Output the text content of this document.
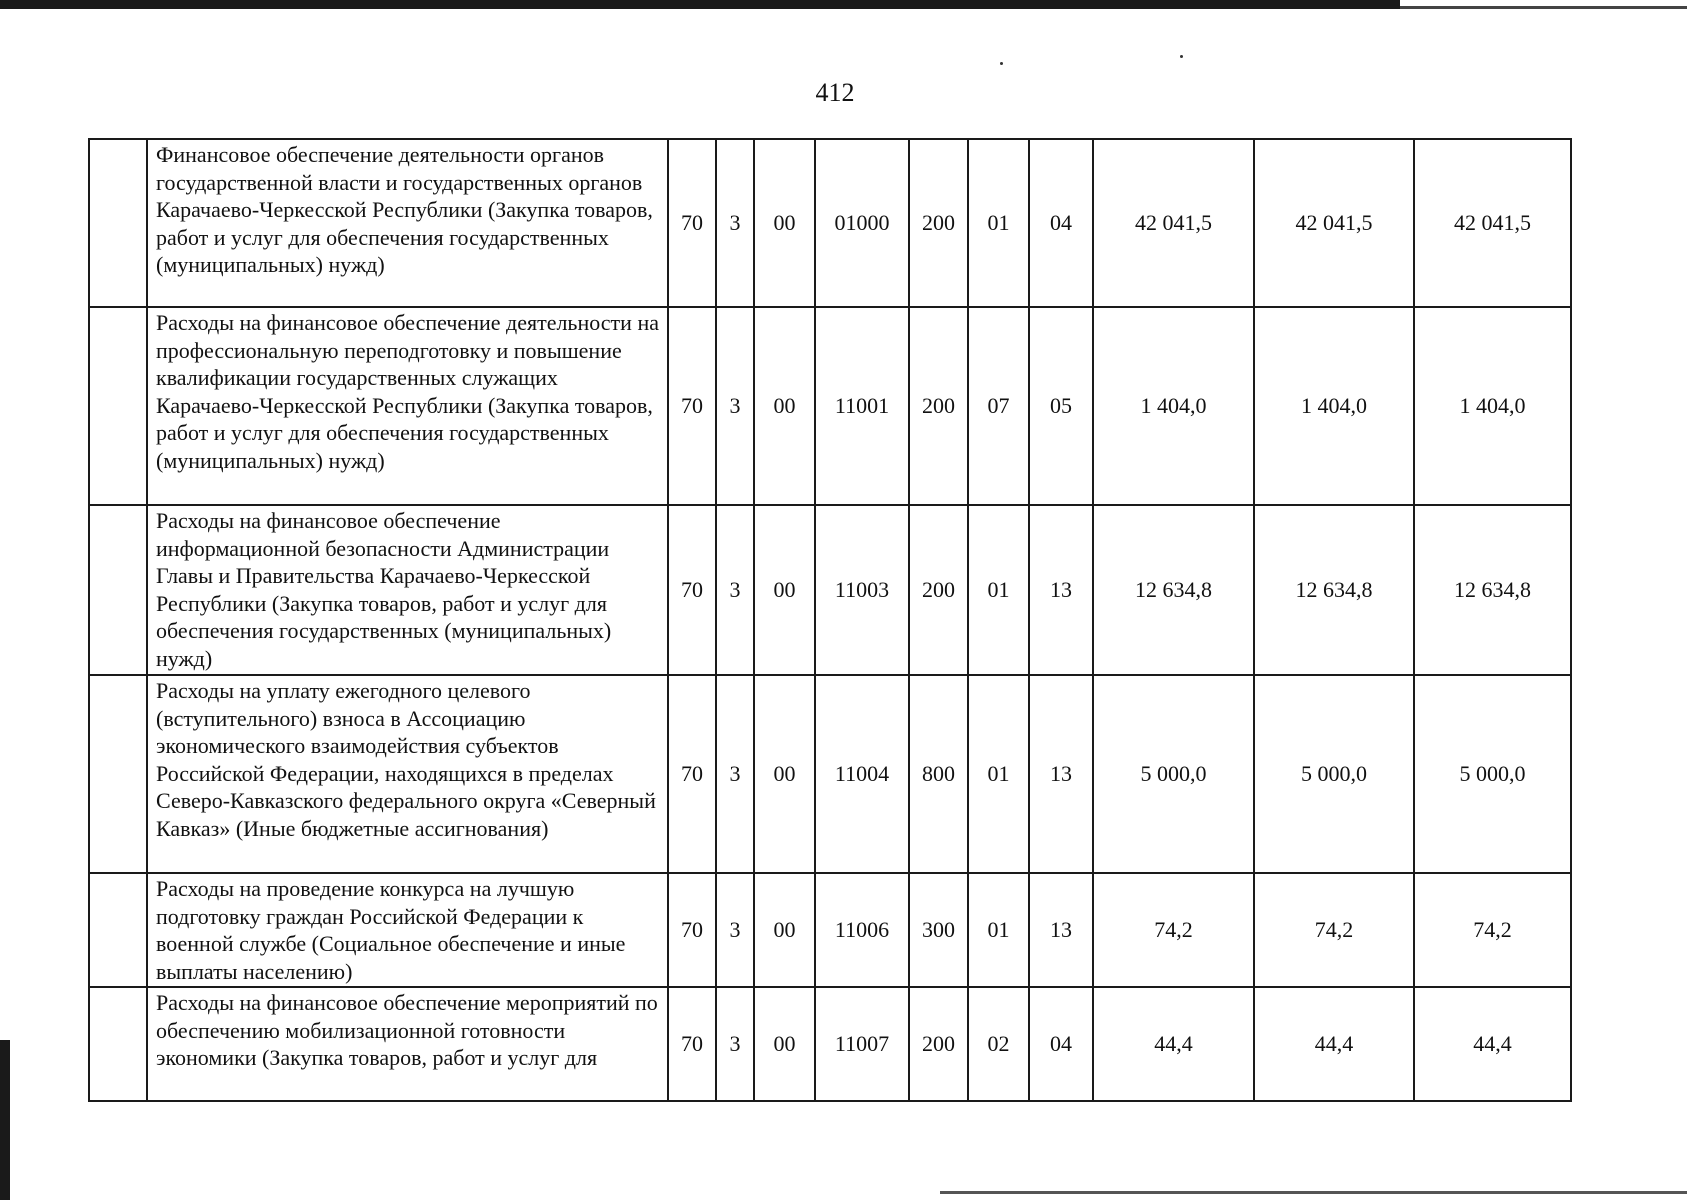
412
	Финансовое обеспечение деятельности органов государственной власти и государственных органов Карачаево-Черкесской Республики (Закупка товаров, работ и услуг для обеспечения государственных (муниципальных) нужд)	70	3	00	01000	200	01	04	42 041,5	42 041,5	42 041,5
	Расходы на финансовое обеспечение деятельности на профессиональную переподготовку и повышение квалификации государственных служащих Карачаево-Черкесской Республики (Закупка товаров, работ и услуг для обеспечения государственных (муниципальных) нужд)	70	3	00	11001	200	07	05	1 404,0	1 404,0	1 404,0
	Расходы на финансовое обеспечение информационной безопасности Администрации Главы и Правительства Карачаево-Черкесской Республики (Закупка товаров, работ и услуг для обеспечения государственных (муниципальных) нужд)	70	3	00	11003	200	01	13	12 634,8	12 634,8	12 634,8
	Расходы на уплату ежегодного целевого (вступительного) взноса в Ассоциацию экономического взаимодействия субъектов Российской Федерации, находящихся в пределах Северо-Кавказского федерального округа «Северный Кавказ» (Иные бюджетные ассигнования)	70	3	00	11004	800	01	13	5 000,0	5 000,0	5 000,0
	Расходы на проведение конкурса на лучшую подготовку граждан Российской Федерации к военной службе (Социальное обеспечение и иные выплаты населению)	70	3	00	11006	300	01	13	74,2	74,2	74,2
	Расходы на финансовое обеспечение мероприятий по обеспечению мобилизационной готовности экономики (Закупка товаров, работ и услуг для	70	3	00	11007	200	02	04	44,4	44,4	44,4
